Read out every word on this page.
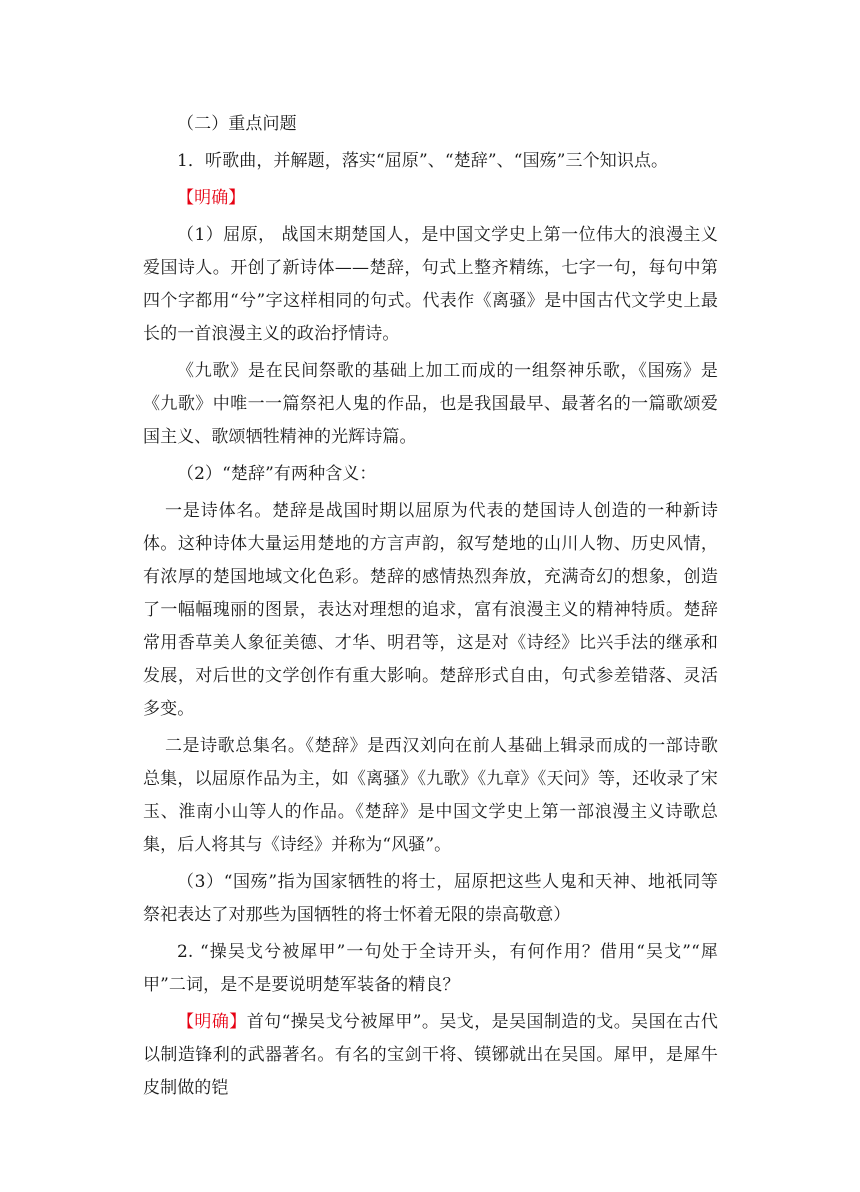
（二）重点问题

1．听歌曲，并解题，落实“屈原”、“楚辞”、“国殇”三个知识点。

【明确】

（1）屈原， 战国末期楚国人，是中国文学史上第一位伟大的浪漫主义爱国诗人。开创了新诗体——楚辞，句式上整齐精练，七字一句，每句中第四个字都用“兮”字这样相同的句式。代表作《离骚》是中国古代文学史上最长的一首浪漫主义的政治抒情诗。

《九歌》是在民间祭歌的基础上加工而成的一组祭神乐歌，《国殇》是《九歌》中唯一一篇祭祀人鬼的作品，也是我国最早、最著名的一篇歌颂爱国主义、歌颂牺牲精神的光辉诗篇。

（2）“楚辞”有两种含义：

一是诗体名。楚辞是战国时期以屈原为代表的楚国诗人创造的一种新诗体。这种诗体大量运用楚地的方言声韵，叙写楚地的山川人物、历史风情，有浓厚的楚国地域文化色彩。楚辞的感情热烈奔放，充满奇幻的想象，创造了一幅幅瑰丽的图景，表达对理想的追求，富有浪漫主义的精神特质。楚辞常用香草美人象征美德、才华、明君等，这是对《诗经》比兴手法的继承和发展，对后世的文学创作有重大影响。楚辞形式自由，句式参差错落、灵活多变。

二是诗歌总集名。《楚辞》是西汉刘向在前人基础上辑录而成的一部诗歌总集，以屈原作品为主，如《离骚》《九歌》《九章》《天问》等，还收录了宋玉、淮南小山等人的作品。《楚辞》是中国文学史上第一部浪漫主义诗歌总集，后人将其与《诗经》并称为“风骚”。

（3）“国殇”指为国家牺牲的将士，屈原把这些人鬼和天神、地祇同等祭祀表达了对那些为国牺牲的将士怀着无限的崇高敬意）

2. “操吴戈兮被犀甲”一句处于全诗开头，有何作用？借用“吴戈”“犀甲”二词，是不是要说明楚军装备的精良？

【明确】首句“操吴戈兮被犀甲”。吴戈，是吴国制造的戈。吴国在古代以制造锋利的武器著名。有名的宝剑干将、镆铘就出在吴国。犀甲，是犀牛皮制做的铠
